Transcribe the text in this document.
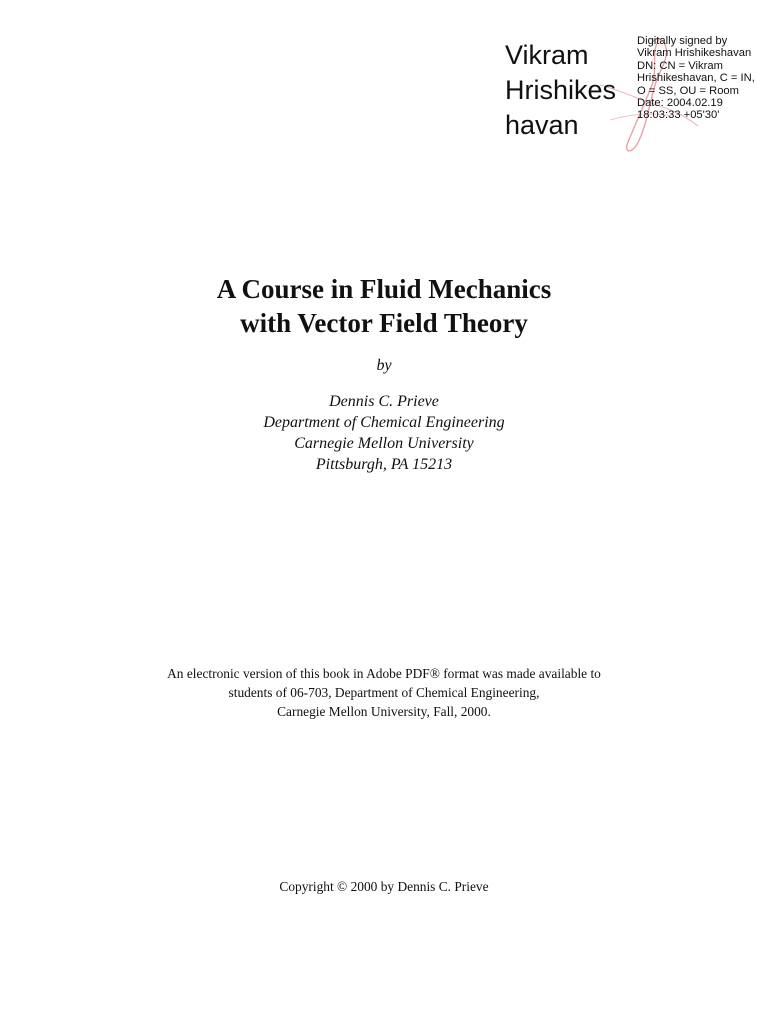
Vikram
Hrishikes
havan
Digitally signed by
Vikram Hrishikeshavan
DN: CN = Vikram
Hrishikeshavan, C = IN,
O = SS, OU = Room
Date: 2004.02.19
18:03:33 +05'30'
A Course in Fluid Mechanics
with Vector Field Theory
by
Dennis C. Prieve
Department of Chemical Engineering
Carnegie Mellon University
Pittsburgh, PA 15213
An electronic version of this book in Adobe PDF® format was made available to
students of 06-703, Department of Chemical Engineering,
Carnegie Mellon University, Fall, 2000.
Copyright © 2000 by Dennis C. Prieve
